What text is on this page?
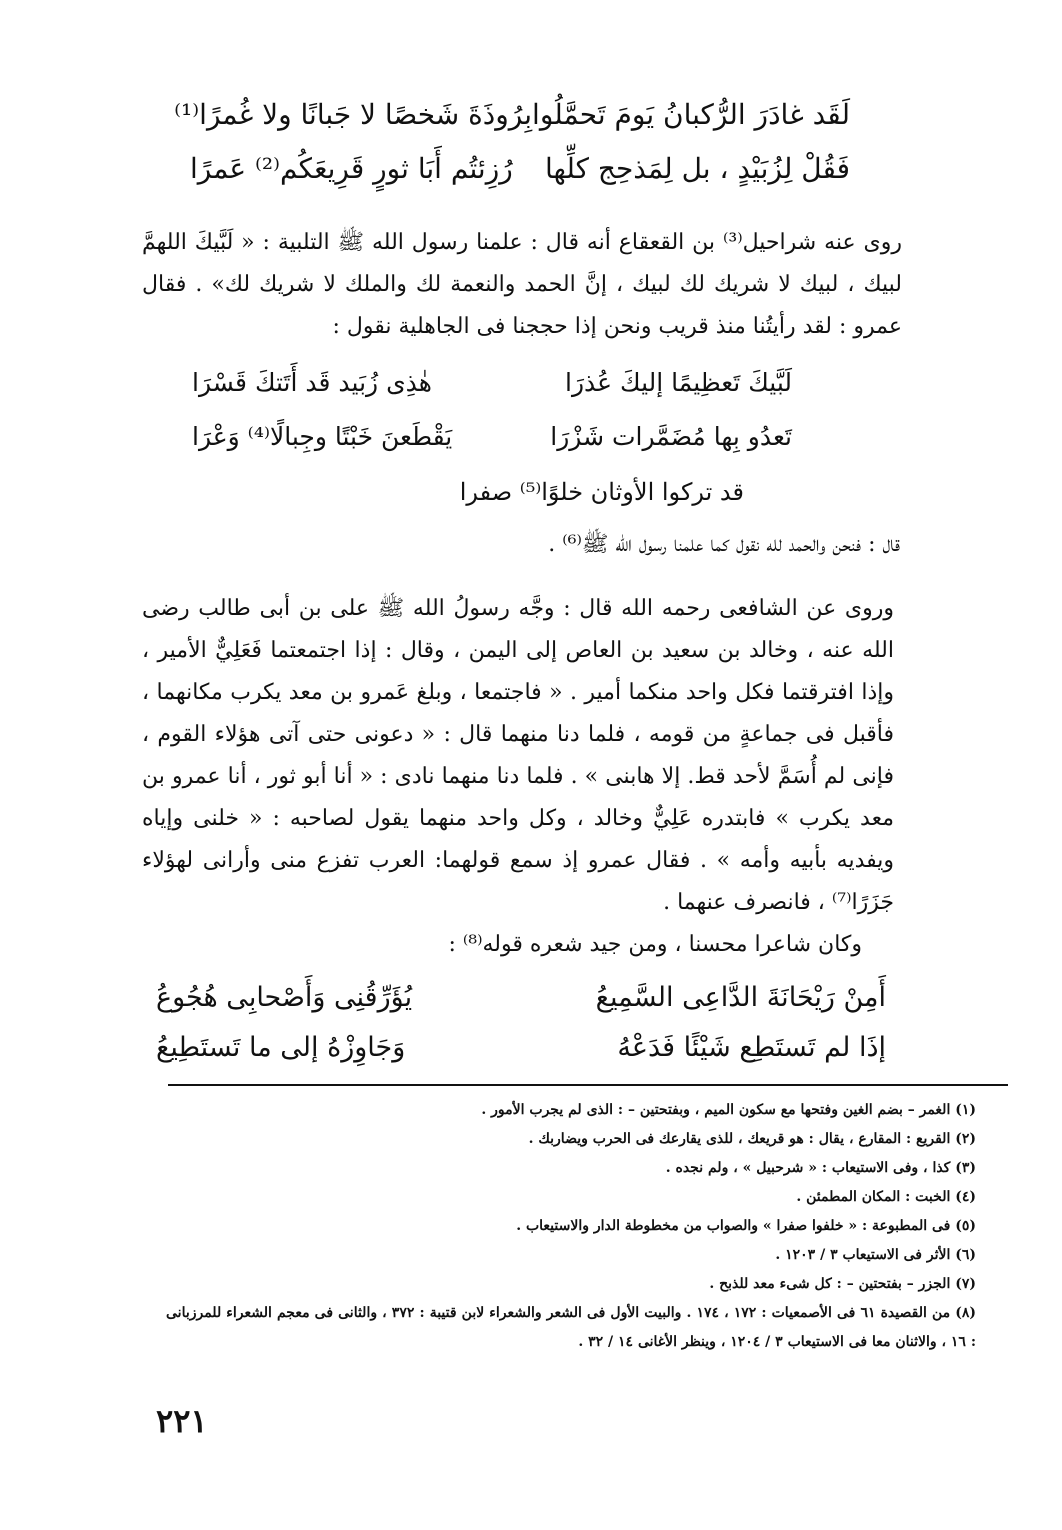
لَقَد غادَرَ الرُّكبانُ يَومَ تَحمَّلُوا
بِرُوذَةَ شَخصًا لا جَبانًا ولا غُمرًا⁽¹⁾
فَقُلْ لِزُبَيْدٍ ، بل لِمَذحِج كلِّها
رُزِئتُم أَبَا ثورٍ قَرِيعَكُم⁽²⁾ عَمرًا
روى عنه شراحيل⁽³⁾ بن القعقاع أنه قال : علمنا رسول الله ﷺ التلبية : « لَبَّيكَ اللهمَّ لبيك ، لبيك لا شريك لك لبيك ، إنَّ الحمد والنعمة لك والملك لا شريك لك» . فقال عمرو : لقد رأيتُنا منذ قريب ونحن إذا حججنا فى الجاهلية نقول :
لَبَّيكَ تَعظِيمًا إليكَ عُذرَا
هٰذِى زُبَيد قَد أَتَتكَ قَسْرَا
تَعدُو بِها مُضَمَّرات شَزْرَا
يَقْطَعنَ خَبْتًا وجِبالًا⁽⁴⁾ وَعْرَا
قد تركوا الأوثان خلوًا⁽⁵⁾ صفرا
قال : فنحن والحمد لله نقول كما علمنا رسول الله ﷺ⁽⁶⁾ .
وروى عن الشافعى رحمه الله قال : وجَّه رسولُ الله ﷺ على بن أبى طالب رضى الله عنه ، وخالد بن سعيد بن العاص إلى اليمن ، وقال : إذا اجتمعتما فَعَلِيٌّ الأمير ، وإذا افترقتما فكل واحد منكما أمير . « فاجتمعا ، وبلغ عَمرو بن معد يكرب مكانهما ، فأقبل فى جماعةٍ من قومه ، فلما دنا منهما قال : « دعونى حتى آتى هؤلاء القوم ، فإنى لم أُسَمَّ لأحد قط. إلا هابنى » . فلما دنا منهما نادى : « أنا أبو ثور ، أنا عمرو بن معد يكرب » فابتدره عَلِيٌّ وخالد ، وكل واحد منهما يقول لصاحبه : « خلنى وإياه ويفديه بأبيه وأمه » . فقال عمرو إذ سمع قولهما: العرب تفزع منى وأرانى لهؤلاء جَزَرًا⁽⁷⁾ ، فانصرف عنهما .
وكان شاعرا محسنا ، ومن جيد شعره قوله⁽⁸⁾ :
أَمِنْ رَيْحَانَةَ الدَّاعِى السَّمِيعُ
يُؤَرِّقُنِى وَأَصْحابِى هُجُوعُ
إذَا لم تَستَطِع شَيْئًا فَدَعْهُ
وَجَاوِزْهُ إلى ما تَستَطِيعُ
(١) الغمر – بضم الغين وفتحها مع سكون الميم ، وبفتحتين – : الذى لم يجرب الأمور .
(٢) القريع : المقارع ، يقال : هو قريعك ، للذى يقارعك فى الحرب ويضاربك .
(٣) كذا ، وفى الاستيعاب : « شرحبيل » ، ولم نجده .
(٤) الخبت : المكان المطمئن .
(٥) فى المطبوعة : « خلفوا صفرا » والصواب من مخطوطة الدار والاستيعاب .
(٦) الأثر فى الاستيعاب ٣ / ١٢٠٣ .
(٧) الجزر – بفتحتين – : كل شىء معد للذبح .
(٨) من القصيدة ٦١ فى الأصمعيات : ١٧٢ ، ١٧٤ . والبيت الأول فى الشعر والشعراء لابن قتيبة : ٣٧٢ ، والثانى فى معجم الشعراء للمرزبانى : ١٦ ، والاثنان معا فى الاستيعاب ٣ / ١٢٠٤ ، وينظر الأغانى ١٤ / ٣٢ .
٢٢١
